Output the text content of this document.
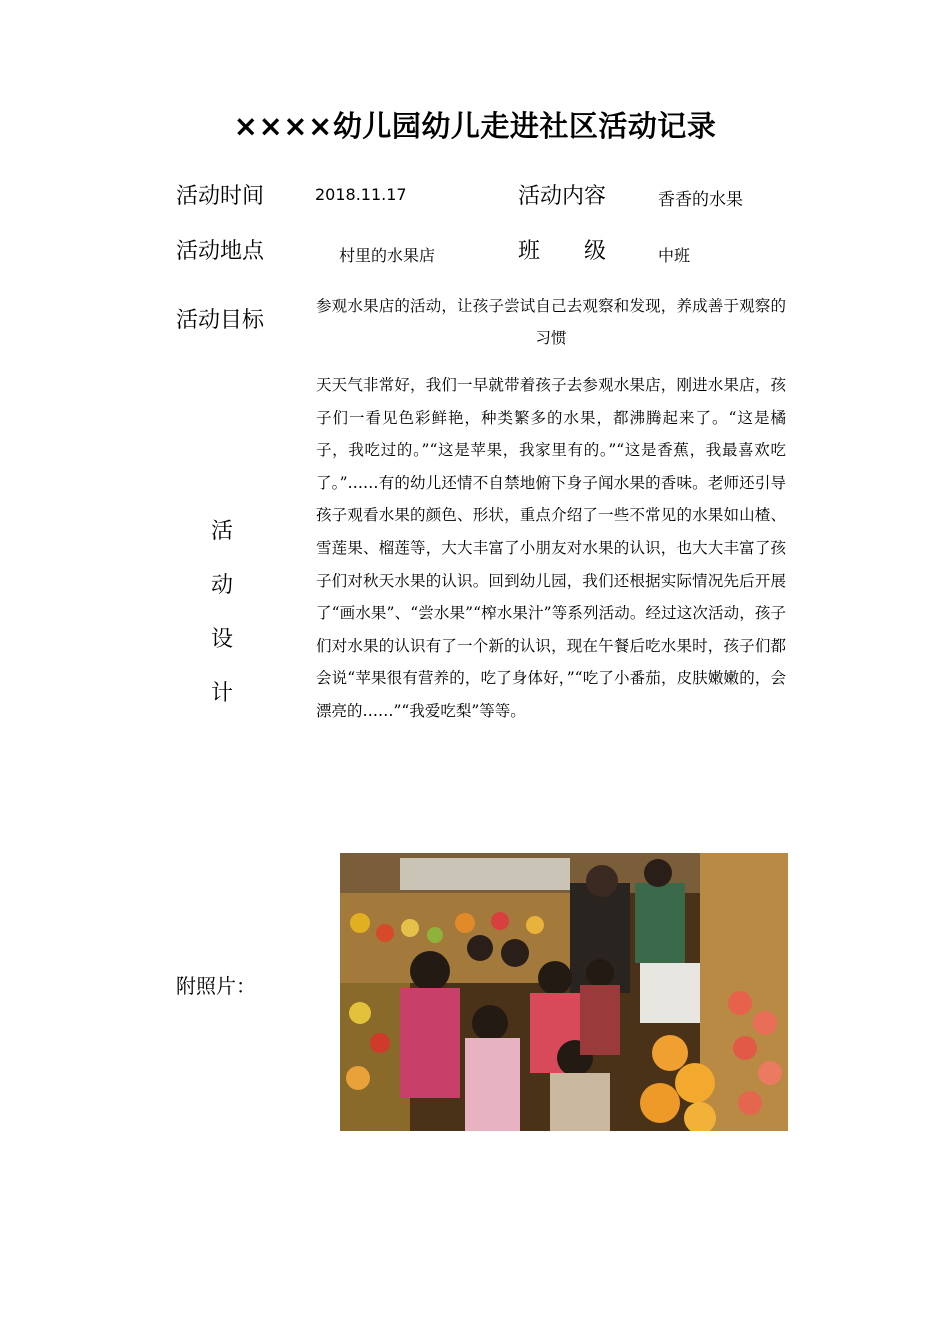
××××幼儿园幼儿走进社区活动记录
活动时间	2018.11.17	活动内容	香香的水果
活动地点	村里的水果店	班　　级	中班
活动目标
参观水果店的活动，让孩子尝试自己去观察和发现，养成善于观察的习惯
活
动
设
计
天天气非常好，我们一早就带着孩子去参观水果店，刚进水果店，孩子们一看见色彩鲜艳，种类繁多的水果，都沸腾起来了。“这是橘子，我吃过的。”“这是苹果，我家里有的。”“这是香蕉，我最喜欢吃了。”……有的幼儿还情不自禁地俯下身子闻水果的香味。老师还引导孩子观看水果的颜色、形状，重点介绍了一些不常见的水果如山楂、雪莲果、榴莲等，大大丰富了小朋友对水果的认识，也大大丰富了孩子们对秋天水果的认识。回到幼儿园，我们还根据实际情况先后开展了“画水果”、“尝水果”“榨水果汁”等系列活动。经过这次活动，孩子们对水果的认识有了一个新的认识，现在午餐后吃水果时，孩子们都会说“苹果很有营养的，吃了身体好，”“吃了小番茄，皮肤嫩嫩的，会漂亮的……”“我爱吃梨”等等。
附照片：
